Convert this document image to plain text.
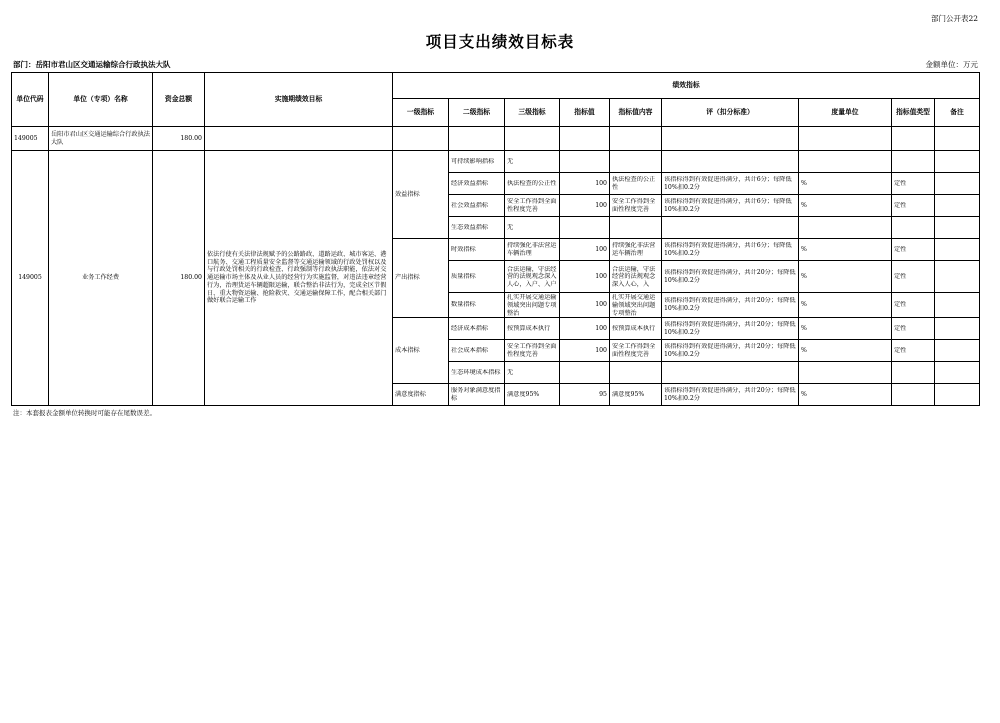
部门公开表22
项目支出绩效目标表
部门：岳阳市君山区交通运输综合行政执法大队	金额单位：万元
单位代码	单位（专项）名称	资金总额	实施期绩效目标	绩效指标								
				一级指标	二级指标	三级指标	指标值	指标值内容	评（扣分标准）	度量单位	指标值类型	备注
149005	岳阳市君山区交通运输综合行政执法大队	180.00										
149005	业务工作经费	180.00	依法行使有关法律法规赋予的公路路政、道路运政、城市客运、港口航务、交通工程质量安全监督等交通运输领域的行政处罚权以及与行政处罚相关的行政检查、行政强制等行政执法职能，依法对交通运输市场主体及从业人员的经营行为实施监督，对违法违章经营行为，治理货运车辆超限运输，联合整治非法行为，完成全区节假日、重大物资运输、抢险救灾、交通运输保障工作，配合相关部门做好联合运输工作	效益指标	可持续影响指标	无						

					经济效益指标	执法检查的公正性	100	执法检查的公正性	该指标得到有效促进得满分，共计6分；每降低10%扣0.2分	%	定性	

					社会效益指标	安全工作得到全面性程度完善	100	安全工作得到全面性程度完善	该指标得到有效促进得满分，共计6分；每降低10%扣0.2分	%	定性	

					生态效益指标	无						

				产出指标	时效指标	持续强化非法营运车辆治理	100	持续强化非法营运车辆治理	该指标得到有效促进得满分，共计6分；每降低10%扣0.2分	%	定性	

					质量指标	合法运输，守法经营的法规观念深入人心，入户、入户	100	合法运输，守法经营的法规观念深入人心，入	该指标得到有效促进得满分，共计20分；每降低10%扣0.2分	%	定性	

					数量指标	扎实开展交通运输领域突出问题专项整治	100	扎实开展交通运输领域突出问题专项整治	该指标得到有效促进得满分，共计20分；每降低10%扣0.2分	%	定性	

				成本指标	经济成本指标	按预算成本执行	100	按预算成本执行	该指标得到有效促进得满分，共计20分；每降低10%扣0.2分	%	定性	

					社会成本指标	安全工作得到全面性程度完善	100	安全工作得到全面性程度完善	该指标得到有效促进得满分，共计20分；每降低10%扣0.2分	%	定性	

					生态环境成本指标	无						

				满意度指标	服务对象满意度指标	满意度95%	95	满意度95%	该指标得到有效促进得满分，共计20分；每降低10%扣0.2分	%		

注：本套报表金额单位转换时可能存在尾数误差。
